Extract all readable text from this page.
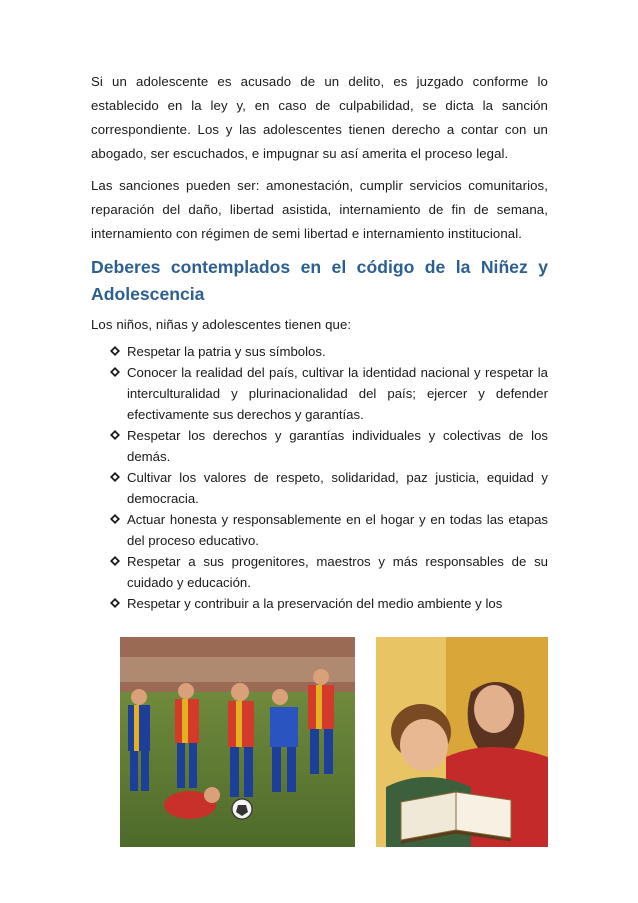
Si un adolescente es acusado de un delito, es juzgado conforme lo establecido en la ley y, en caso de culpabilidad, se dicta la sanción correspondiente. Los y las adolescentes tienen derecho a contar con un abogado, ser escuchados, e impugnar su así amerita el proceso legal.

Las sanciones pueden ser: amonestación, cumplir servicios comunitarios, reparación del daño, libertad asistida, internamiento de fin de semana, internamiento con régimen de semi libertad e internamiento institucional.

Deberes contemplados en el código de la Niñez y Adolescencia

Los niños, niñas y adolescentes tienen que:

Respetar la patria y sus símbolos.
Conocer la realidad del país, cultivar la identidad nacional y respetar la interculturalidad y plurinacionalidad del país; ejercer y defender efectivamente sus derechos y garantías.
Respetar los derechos y garantías individuales y colectivas de los demás.
Cultivar los valores de respeto, solidaridad, paz justicia, equidad y democracia.
Actuar honesta y responsablemente en el hogar y en todas las etapas del proceso educativo.
Respetar a sus progenitores, maestros y más responsables de su cuidado y educación.
Respetar y contribuir a la preservación del medio ambiente y los
